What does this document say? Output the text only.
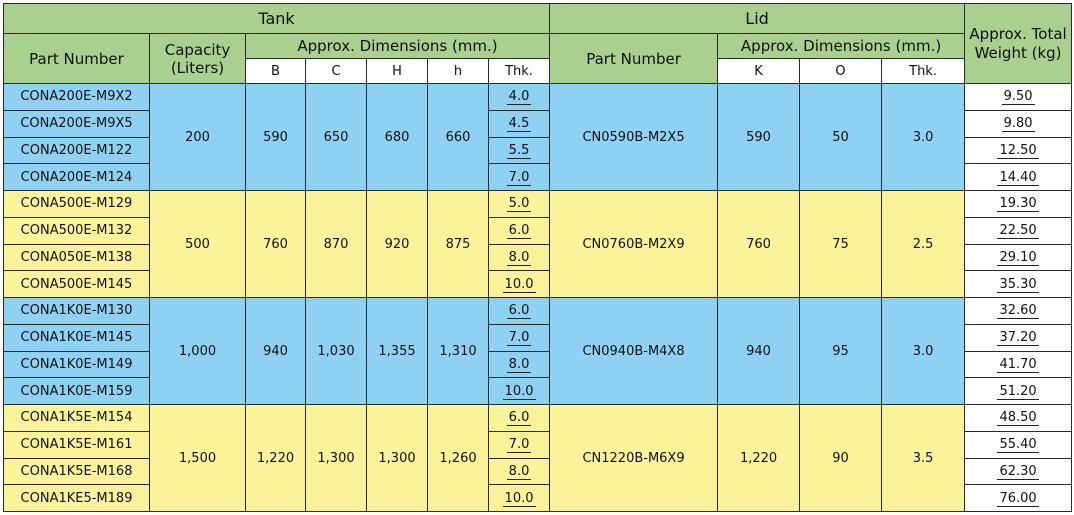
Tank							Lid				Approx. Total Weight (kg)
Part Number	Capacity (Liters)	Approx. Dimensions (mm.)					Part Number	Approx. Dimensions (mm.)			
		B	C	H	h	Thk.		K	O	Thk.	
CONA200E-M9X2	200	590	650	680	660	4.0	CN0590B-M2X5	590	50	3.0	9.50
CONA200E-M9X5						4.5					9.80
CONA200E-M122						5.5					12.50
CONA200E-M124						7.0					14.40
CONA500E-M129	500	760	870	920	875	5.0	CN0760B-M2X9	760	75	2.5	19.30
CONA500E-M132						6.0					22.50
CONA050E-M138						8.0					29.10
CONA500E-M145						10.0					35.30
CONA1K0E-M130	1,000	940	1,030	1,355	1,310	6.0	CN0940B-M4X8	940	95	3.0	32.60
CONA1K0E-M145						7.0					37.20
CONA1K0E-M149						8.0					41.70
CONA1K0E-M159						10.0					51.20
CONA1K5E-M154	1,500	1,220	1,300	1,300	1,260	6.0	CN1220B-M6X9	1,220	90	3.5	48.50
CONA1K5E-M161						7.0					55.40
CONA1K5E-M168						8.0					62.30
CONA1KE5-M189						10.0					76.00
